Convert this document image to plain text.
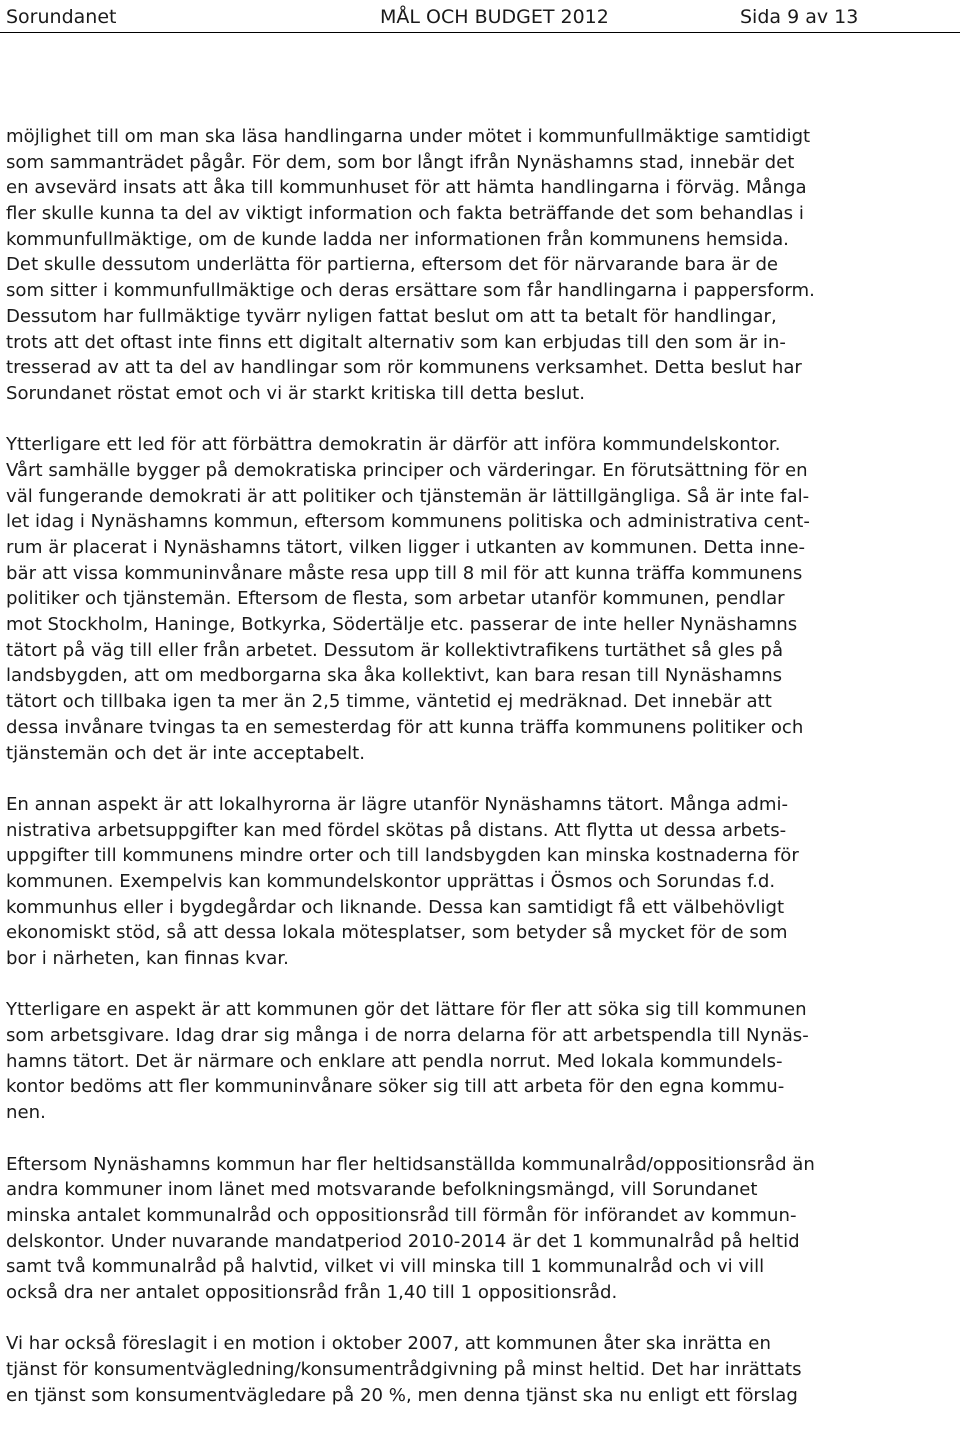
Sorundanet	MÅL OCH BUDGET 2012	Sida 9 av 13
möjlighet till om man ska läsa handlingarna under mötet i kommunfullmäktige samtidigt
som sammanträdet pågår. För dem, som bor långt ifrån Nynäshamns stad, innebär det
en avsevärd insats att åka till kommunhuset för att hämta handlingarna i förväg. Många
fler skulle kunna ta del av viktigt information och fakta beträffande det som behandlas i
kommunfullmäktige, om de kunde ladda ner informationen från kommunens hemsida.
Det skulle dessutom underlätta för partierna, eftersom det för närvarande bara är de
som sitter i kommunfullmäktige och deras ersättare som får handlingarna i pappersform.
Dessutom har fullmäktige tyvärr nyligen fattat beslut om att ta betalt för handlingar,
trots att det oftast inte finns ett digitalt alternativ som kan erbjudas till den som är in-
tresserad av att ta del av handlingar som rör kommunens verksamhet. Detta beslut har
Sorundanet röstat emot och vi är starkt kritiska till detta beslut.
Ytterligare ett led för att förbättra demokratin är därför att införa kommundelskontor.
Vårt samhälle bygger på demokratiska principer och värderingar. En förutsättning för en
väl fungerande demokrati är att politiker och tjänstemän är lättillgängliga. Så är inte fal-
let idag i Nynäshamns kommun, eftersom kommunens politiska och administrativa cent-
rum är placerat i Nynäshamns tätort, vilken ligger i utkanten av kommunen. Detta inne-
bär att vissa kommuninvånare måste resa upp till 8 mil för att kunna träffa kommunens
politiker och tjänstemän. Eftersom de flesta, som arbetar utanför kommunen, pendlar
mot Stockholm, Haninge, Botkyrka, Södertälje etc. passerar de inte heller Nynäshamns
tätort på väg till eller från arbetet. Dessutom är kollektivtrafikens turtäthet så gles på
landsbygden, att om medborgarna ska åka kollektivt, kan bara resan till Nynäshamns
tätort och tillbaka igen ta mer än 2,5 timme, väntetid ej medräknad. Det innebär att
dessa invånare tvingas ta en semesterdag för att kunna träffa kommunens politiker och
tjänstemän och det är inte acceptabelt.
En annan aspekt är att lokalhyrorna är lägre utanför Nynäshamns tätort. Många admi-
nistrativa arbetsuppgifter kan med fördel skötas på distans. Att flytta ut dessa arbets-
uppgifter till kommunens mindre orter och till landsbygden kan minska kostnaderna för
kommunen. Exempelvis kan kommundelskontor upprättas i Ösmos och Sorundas f.d.
kommunhus eller i bygdegårdar och liknande. Dessa kan samtidigt få ett välbehövligt
ekonomiskt stöd, så att dessa lokala mötesplatser, som betyder så mycket för de som
bor i närheten, kan finnas kvar.
Ytterligare en aspekt är att kommunen gör det lättare för fler att söka sig till kommunen
som arbetsgivare. Idag drar sig många i de norra delarna för att arbetspendla till Nynäs-
hamns tätort. Det är närmare och enklare att pendla norrut. Med lokala kommundels-
kontor bedöms att fler kommuninvånare söker sig till att arbeta för den egna kommu-
nen.
Eftersom Nynäshamns kommun har fler heltidsanställda kommunalråd/oppositionsråd än
andra kommuner inom länet med motsvarande befolkningsmängd, vill Sorundanet
minska antalet kommunalråd och oppositionsråd till förmån för införandet av kommun-
delskontor. Under nuvarande mandatperiod 2010-2014 är det 1 kommunalråd på heltid
samt två kommunalråd på halvtid, vilket vi vill minska till 1 kommunalråd och vi vill
också dra ner antalet oppositionsråd från 1,40 till 1 oppositionsråd.
Vi har också föreslagit i en motion i oktober 2007, att kommunen åter ska inrätta en
tjänst för konsumentvägledning/konsumentrådgivning på minst heltid. Det har inrättats
en tjänst som konsumentvägledare på 20 %, men denna tjänst ska nu enligt ett förslag
